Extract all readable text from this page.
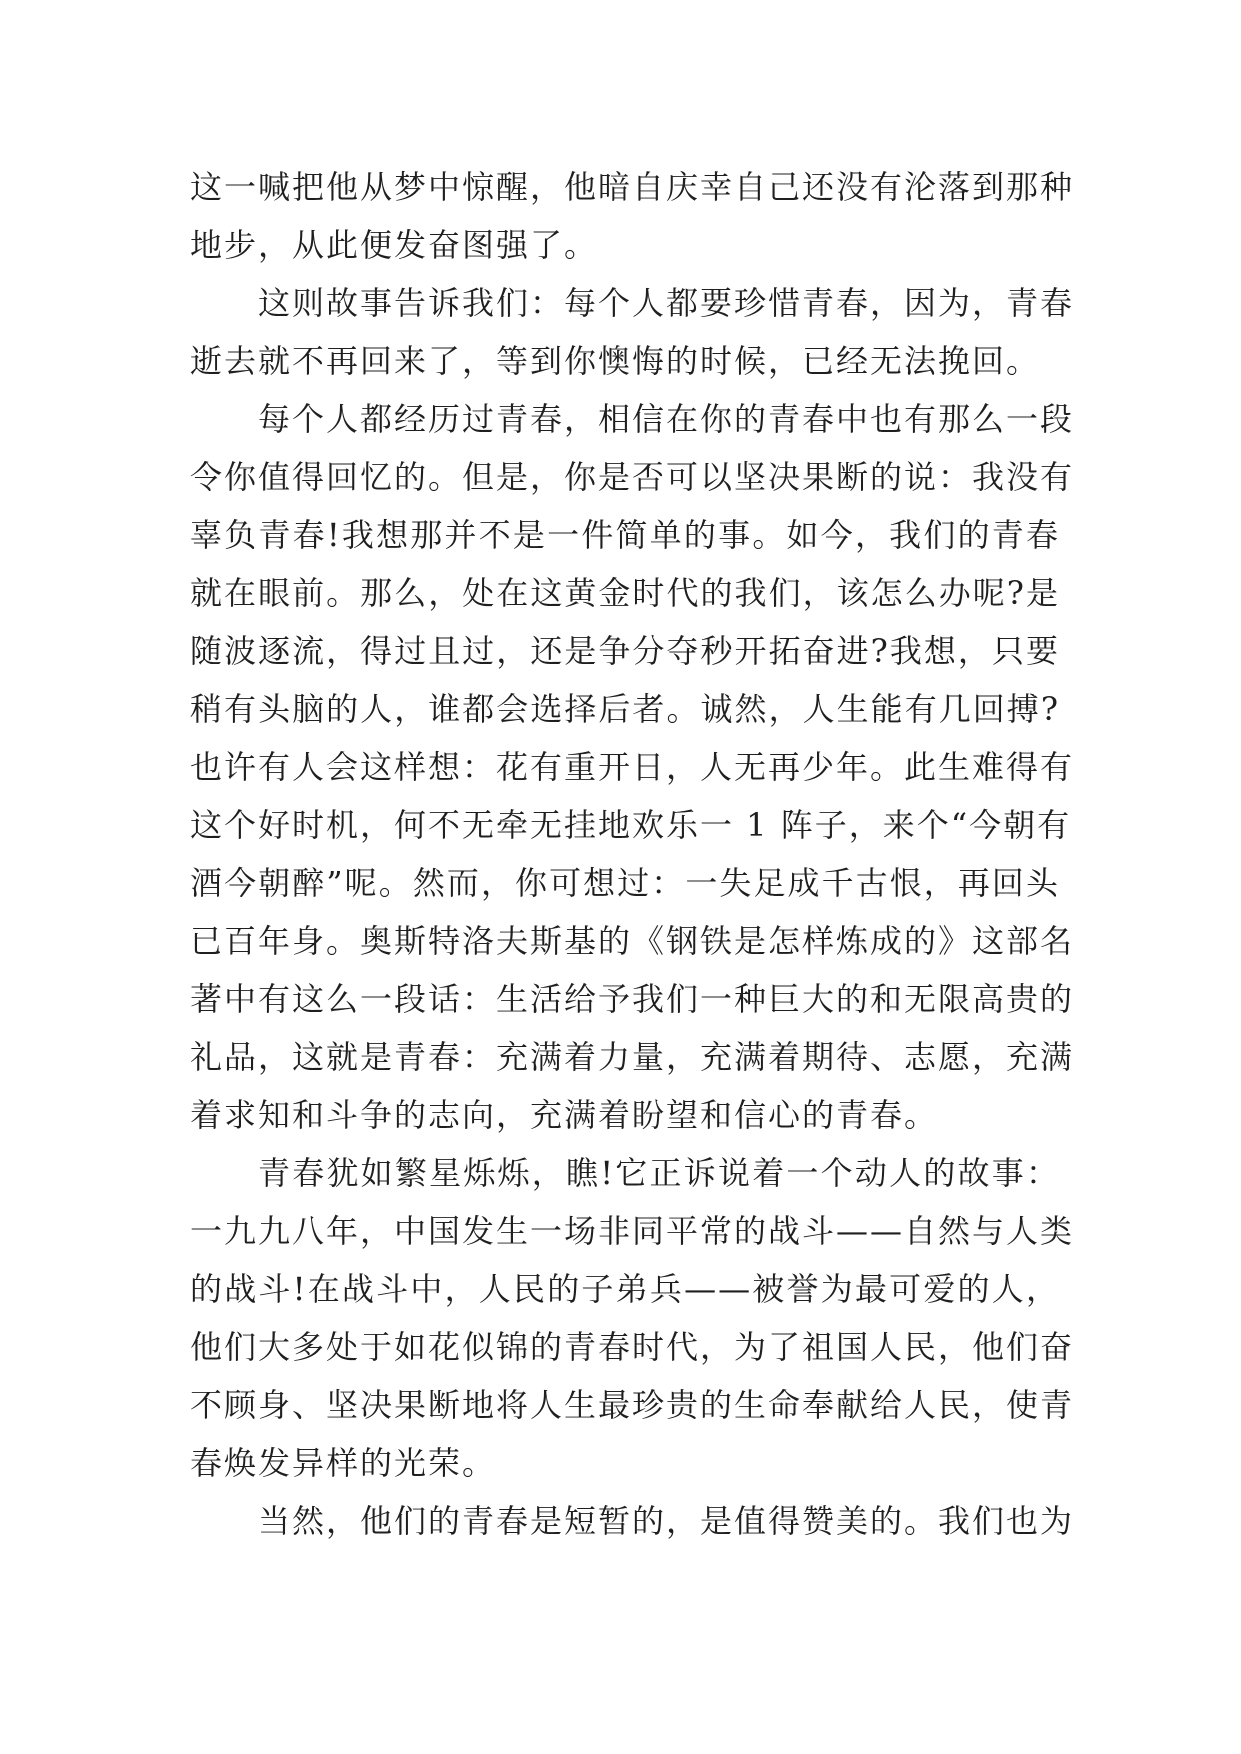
这一喊把他从梦中惊醒，他暗自庆幸自己还没有沦落到那种
地步，从此便发奋图强了。
这则故事告诉我们：每个人都要珍惜青春，因为，青春
逝去就不再回来了，等到你懊悔的时候，已经无法挽回。
每个人都经历过青春，相信在你的青春中也有那么一段
令你值得回忆的。但是，你是否可以坚决果断的说：我没有
辜负青春!我想那并不是一件简单的事。如今，我们的青春
就在眼前。那么，处在这黄金时代的我们，该怎么办呢?是
随波逐流，得过且过，还是争分夺秒开拓奋进?我想，只要
稍有头脑的人，谁都会选择后者。诚然，人生能有几回搏?
也许有人会这样想：花有重开日，人无再少年。此生难得有
这个好时机，何不无牵无挂地欢乐一 1 阵子，来个“今朝有
酒今朝醉”呢。然而，你可想过：一失足成千古恨，再回头
已百年身。奥斯特洛夫斯基的《钢铁是怎样炼成的》这部名
著中有这么一段话：生活给予我们一种巨大的和无限高贵的
礼品，这就是青春：充满着力量，充满着期待、志愿，充满
着求知和斗争的志向，充满着盼望和信心的青春。
青春犹如繁星烁烁，瞧!它正诉说着一个动人的故事：
一九九八年，中国发生一场非同平常的战斗——自然与人类
的战斗!在战斗中，人民的子弟兵——被誉为最可爱的人，
他们大多处于如花似锦的青春时代，为了祖国人民，他们奋
不顾身、坚决果断地将人生最珍贵的生命奉献给人民，使青
春焕发异样的光荣。
当然，他们的青春是短暂的，是值得赞美的。我们也为
